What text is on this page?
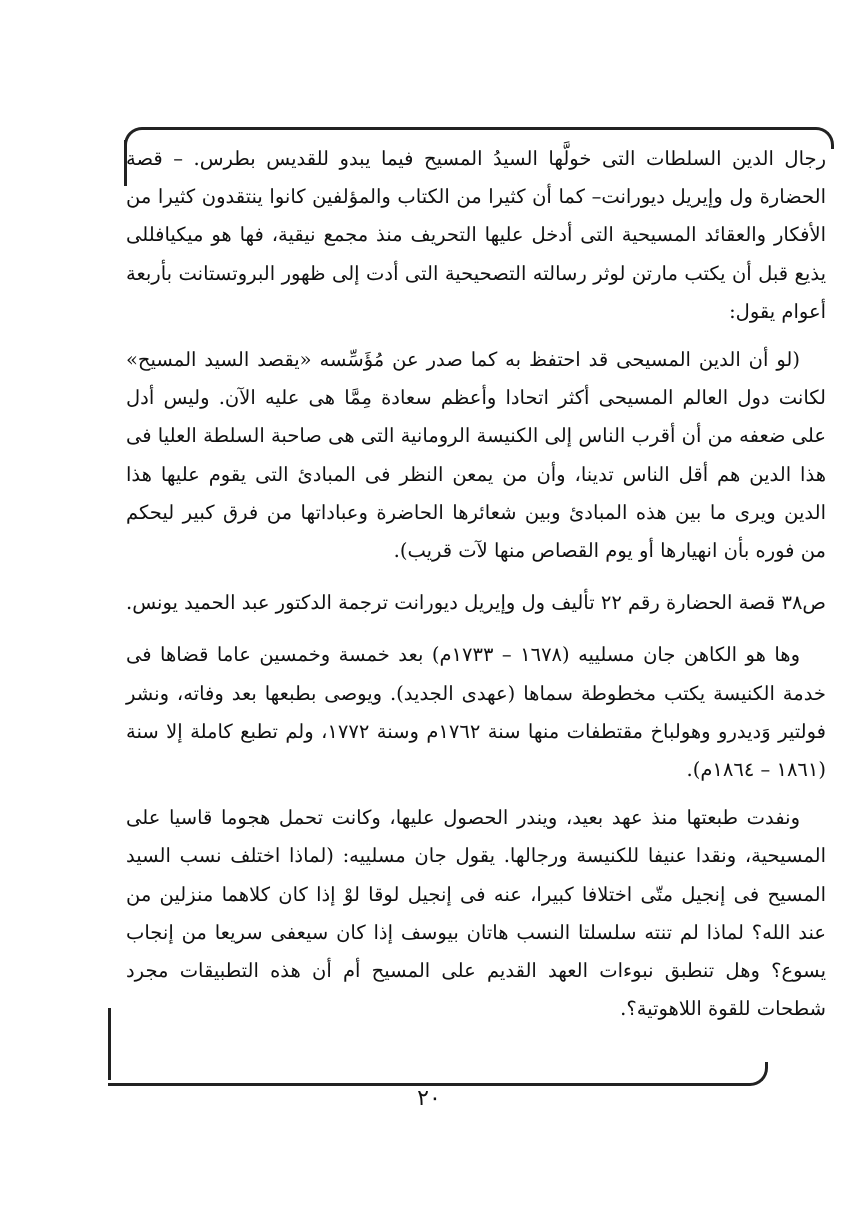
رجال الدين السلطات التى خولَّها السيدُ المسيح فيما يبدو للقديس بطرس. – قصة الحضارة ول وإيريل ديورانت– كما أن كثيرا من الكتاب والمؤلفين كانوا ينتقدون كثيرا من الأفكار والعقائد المسيحية التى أدخل عليها التحريف منذ مجمع نيقية، فها هو ميكيافللى يذيع قبل أن يكتب مارتن لوثر رسالته التصحيحية التى أدت إلى ظهور البروتستانت بأربعة أعوام يقول:

(لو أن الدين المسيحى قد احتفظ به كما صدر عن مُؤَسِّسه «يقصد السيد المسيح» لكانت دول العالم المسيحى أكثر اتحادا وأعظم سعادة مِمَّا هى عليه الآن. وليس أدل على ضعفه من أن أقرب الناس إلى الكنيسة الرومانية التى هى صاحبة السلطة العليا فى هذا الدين هم أقل الناس تدينا، وأن من يمعن النظر فى المبادئ التى يقوم عليها هذا الدين ويرى ما بين هذه المبادئ وبين شعائرها الحاضرة وعباداتها من فرق كبير ليحكم من فوره بأن انهيارها أو يوم القصاص منها لآت قريب).

ص٣٨ قصة الحضارة رقم ٢٢ تأليف ول وإيريل ديورانت ترجمة الدكتور عبد الحميد يونس.

وها هو الكاهن جان مسلييه (١٦٧٨ – ١٧٣٣م) بعد خمسة وخمسين عاما قضاها فى خدمة الكنيسة يكتب مخطوطة سماها (عهدى الجديد). ويوصى بطبعها بعد وفاته، ونشر فولتير وَديدرو وهولباخ مقتطفات منها سنة ١٧٦٢م وسنة ١٧٧٢، ولم تطبع كاملة إلا سنة (١٨٦١ – ١٨٦٤م).

ونفدت طبعتها منذ عهد بعيد، ويندر الحصول عليها، وكانت تحمل هجوما قاسيا على المسيحية، ونقدا عنيفا للكنيسة ورجالها. يقول جان مسلييه: (لماذا اختلف نسب السيد المسيح فى إنجيل متّى اختلافا كبيرا، عنه فى إنجيل لوقا لوْ إذا كان كلاهما منزلين من عند الله؟ لماذا لم تنته سلسلتا النسب هاتان بيوسف إذا كان سيعفى سريعا من إنجاب يسوع؟ وهل تنطبق نبوءات العهد القديم على المسيح أم أن هذه التطبيقات مجرد شطحات للقوة اللاهوتية؟.

٢٠
